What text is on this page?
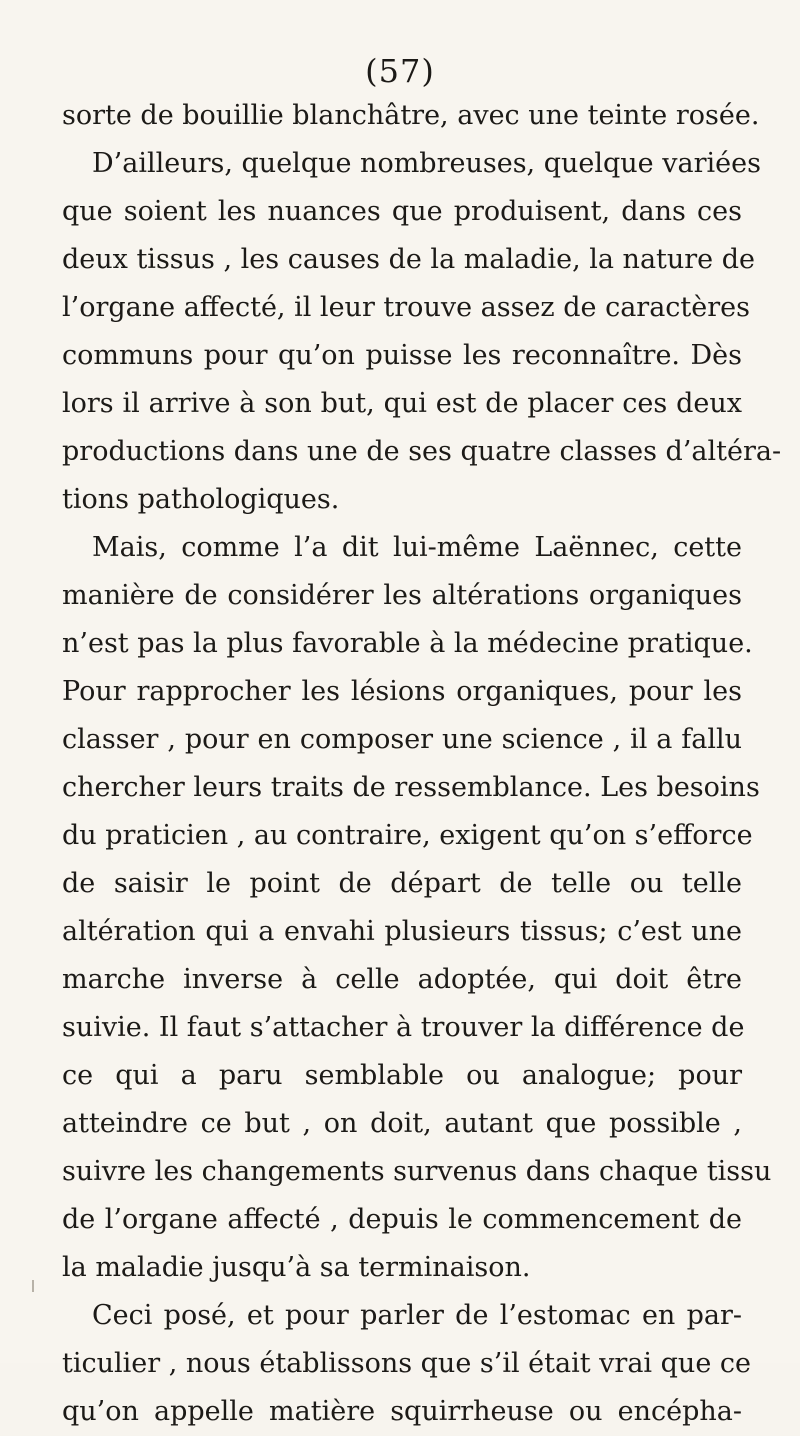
(57)
sorte de bouillie blanchâtre, avec une teinte rosée.
D’ailleurs, quelque nombreuses, quelque variées
que soient les nuances que produisent, dans ces
deux tissus , les causes de la maladie, la nature de
l’organe affecté, il leur trouve assez de caractères
communs pour qu’on puisse les reconnaître. Dès
lors il arrive à son but, qui est de placer ces deux
productions dans une de ses quatre classes d’altéra-
tions pathologiques.
Mais, comme l’a dit lui-même Laënnec, cette
manière de considérer les altérations organiques
n’est pas la plus favorable à la médecine pratique.
Pour rapprocher les lésions organiques, pour les
classer , pour en composer une science , il a fallu
chercher leurs traits de ressemblance. Les besoins
du praticien , au contraire, exigent qu’on s’efforce
de saisir le point de départ de telle ou telle
altération qui a envahi plusieurs tissus; c’est une
marche inverse à celle adoptée, qui doit être
suivie. Il faut s’attacher à trouver la différence de
ce qui a paru semblable ou analogue; pour
atteindre ce but , on doit, autant que possible ,
suivre les changements survenus dans chaque tissu
de l’organe affecté , depuis le commencement de
la maladie jusqu’à sa terminaison.
Ceci posé, et pour parler de l’estomac en par-
ticulier , nous établissons que s’il était vrai que ce
qu’on appelle matière squirrheuse ou encépha-
